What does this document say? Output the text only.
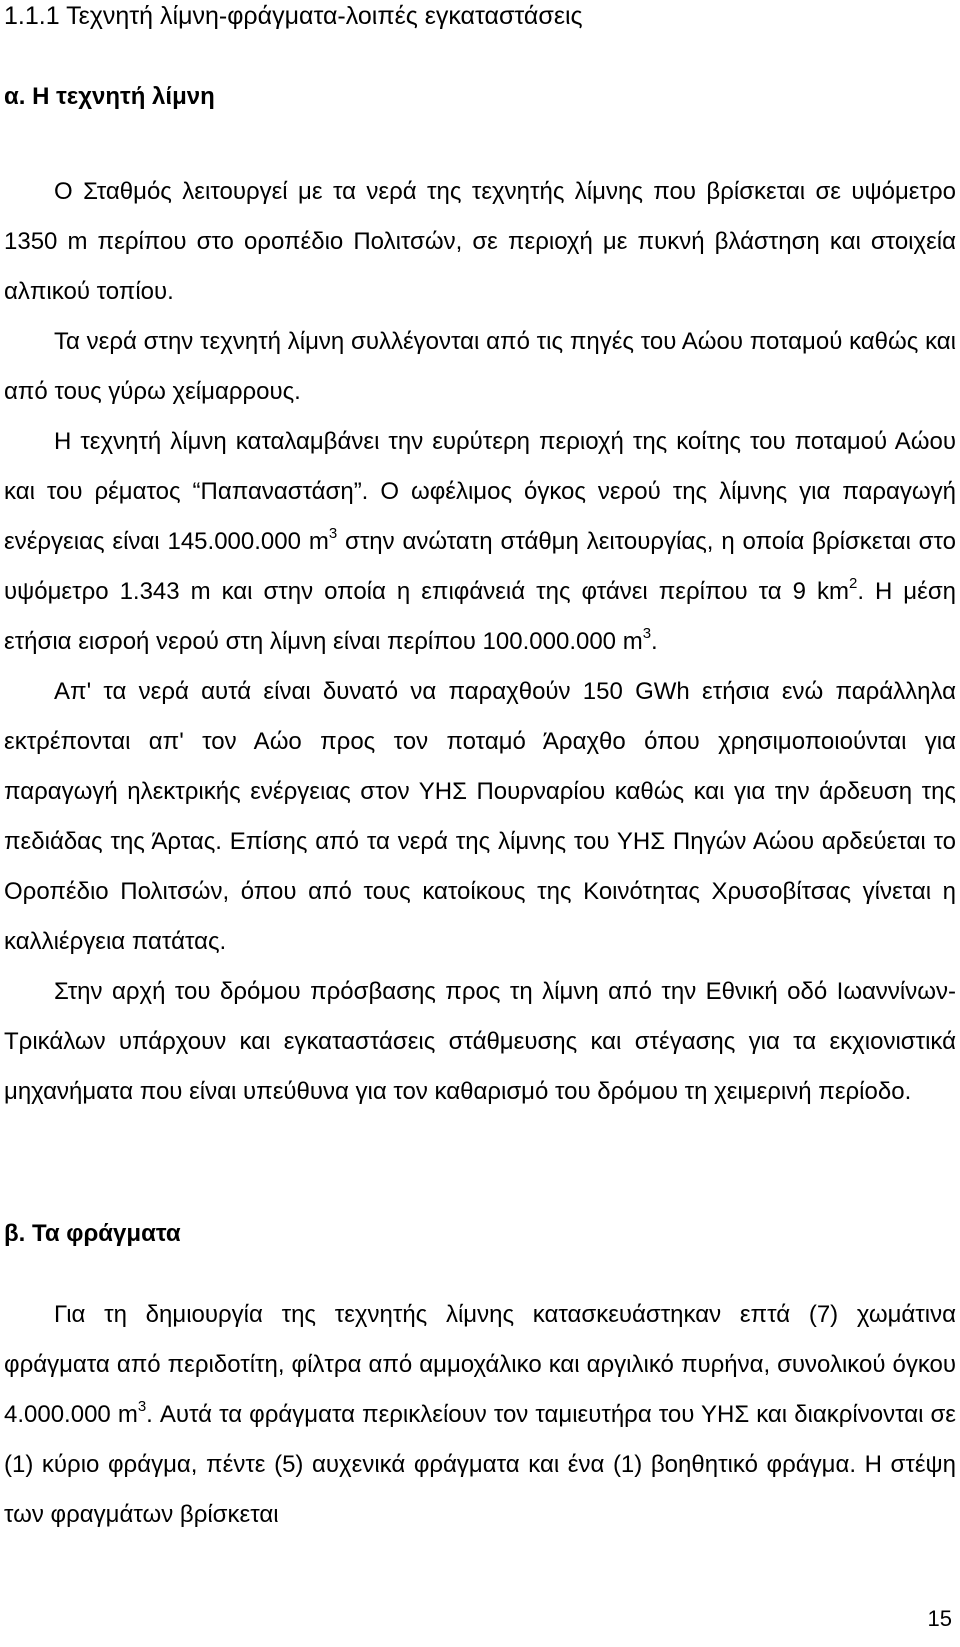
1.1.1 Τεχνητή λίμνη-φράγματα-λοιπές εγκαταστάσεις
α. Η τεχνητή λίμνη

Ο Σταθμός λειτουργεί με τα νερά της τεχνητής λίμνης που βρίσκεται σε υψόμετρο 1350 m περίπου στο οροπέδιο Πολιτσών, σε περιοχή με πυκνή βλάστηση και στοιχεία αλπικού τοπίου.

Τα νερά στην τεχνητή λίμνη συλλέγονται από τις πηγές του Αώου ποταμού καθώς και από τους γύρω χείμαρρους.

Η τεχνητή λίμνη καταλαμβάνει την ευρύτερη περιοχή της κοίτης του ποταμού Αώου και του ρέματος “Παπαναστάση”. Ο ωφέλιμος όγκος νερού της λίμνης για παραγωγή ενέργειας είναι 145.000.000 $m^3$ στην ανώτατη στάθμη λειτουργίας, η οποία βρίσκεται στο υψόμετρο 1.343 m και στην οποία η επιφάνειά της φτάνει περίπου τα 9 $km^2$. Η μέση ετήσια εισροή νερού στη λίμνη είναι περίπου 100.000.000 $m^3$.

Απ' τα νερά αυτά είναι δυνατό να παραχθούν 150 GWh ετήσια ενώ παράλληλα εκτρέπονται απ' τον Αώο προς τον ποταμό Άραχθο όπου χρησιμοποιούνται για παραγωγή ηλεκτρικής ενέργειας στον ΥΗΣ Πουρναρίου καθώς και για την άρδευση της πεδιάδας της Άρτας. Επίσης από τα νερά της λίμνης του ΥΗΣ Πηγών Αώου αρδεύεται το Οροπέδιο Πολιτσών, όπου από τους κατοίκους της Κοινότητας Χρυσοβίτσας γίνεται η καλλιέργεια πατάτας.

Στην αρχή του δρόμου πρόσβασης προς τη λίμνη από την Εθνική οδό Ιωαννίνων-Τρικάλων υπάρχουν και εγκαταστάσεις στάθμευσης και στέγασης για τα εκχιονιστικά μηχανήματα που είναι υπεύθυνα για τον καθαρισμό του δρόμου τη χειμερινή περίοδο.

β. Τα φράγματα

Για τη δημιουργία της τεχνητής λίμνης κατασκευάστηκαν επτά (7) χωμάτινα φράγματα από περιδοτίτη, φίλτρα από αμμοχάλικο και αργιλικό πυρήνα, συνολικού όγκου 4.000.000 $m^3$. Αυτά τα φράγματα περικλείουν τον ταμιευτήρα του ΥΗΣ και διακρίνονται σε (1) κύριο φράγμα, πέντε (5) αυχενικά φράγματα και ένα (1) βοηθητικό φράγμα. Η στέψη των φραγμάτων βρίσκεται

15
